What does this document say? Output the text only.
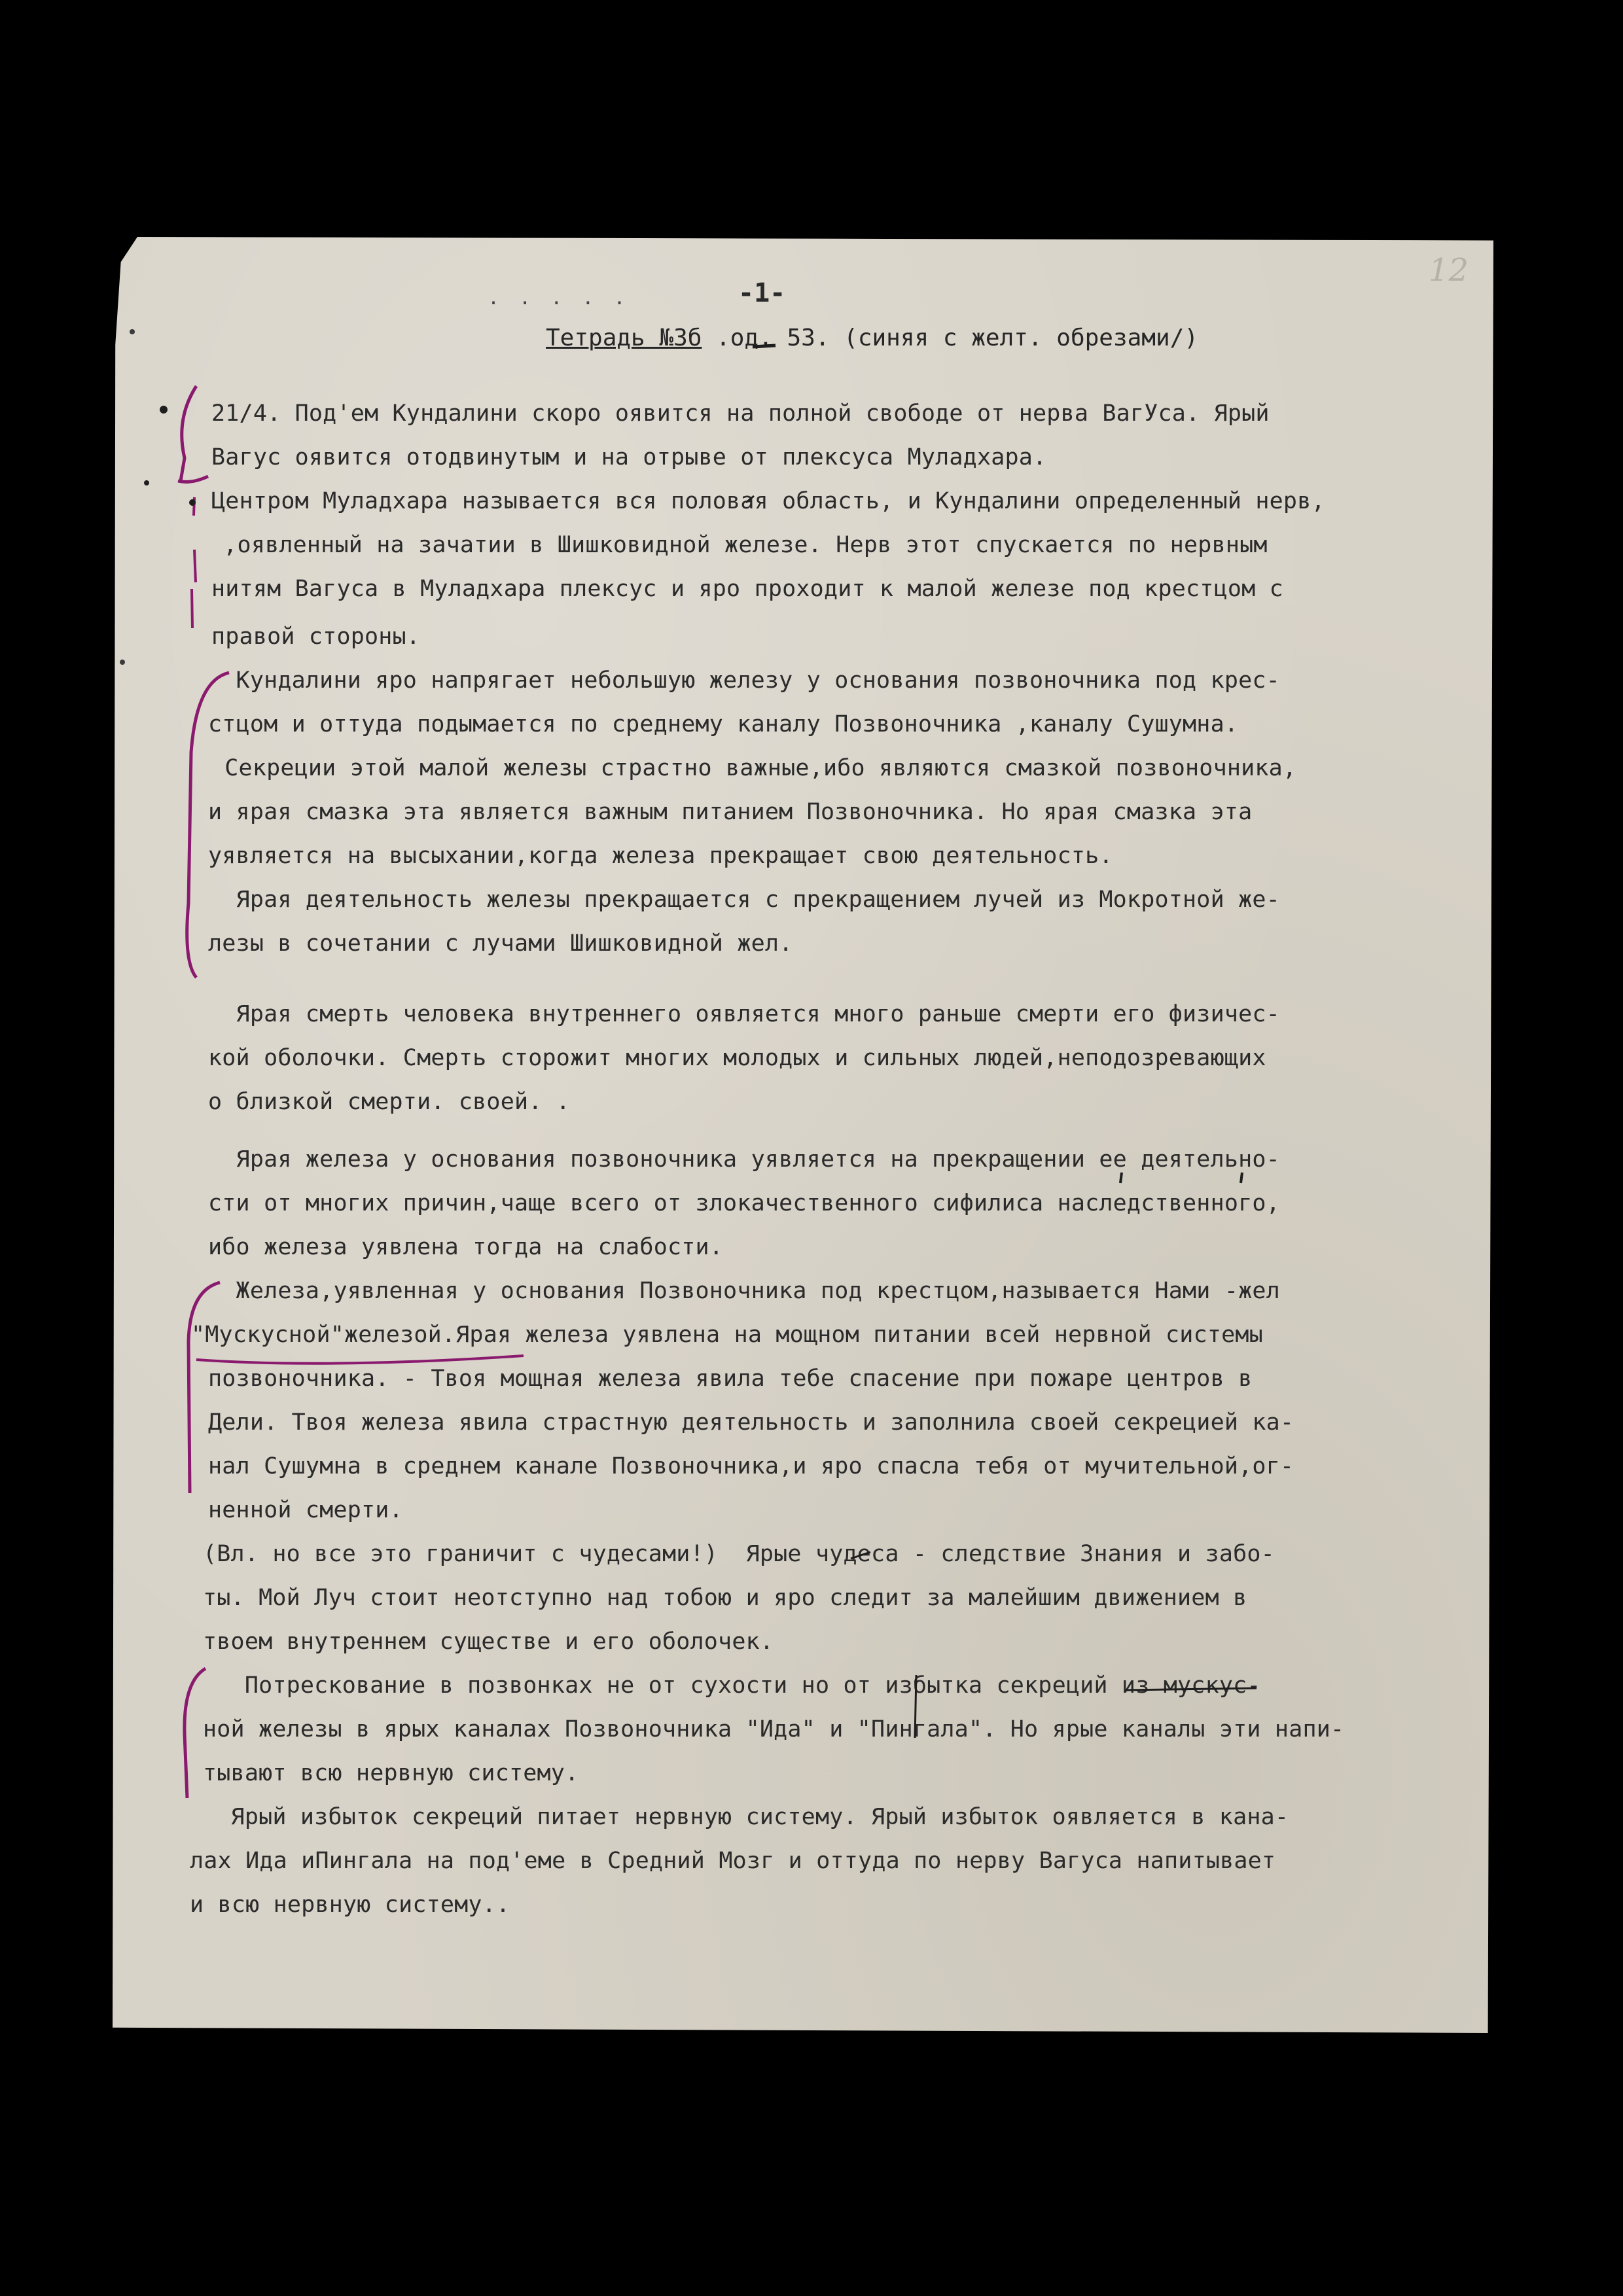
12
. . . . .	-1-
Тетрадь №3б .од. 53. (синяя с желт. обрезами/)
21/4. Под'ем Кундалини скоро оявится на полной свободе от нерва ВагУса. Ярый
Вагус оявится отодвинутым и на отрыве от плексуса Муладхара.
Центром Муладхара называется вся половая область, и Кундалини определенный нерв,
,оявленный на зачатии в Шишковидной железе. Нерв этот спускается по нервным
нитям Вагуса в Муладхара плексус и яро проходит к малой железе под крестцом с
правой стороны.
Кундалини яро напрягает небольшую железу у основания позвоночника под крес-
стцом и оттуда подымается по среднему каналу Позвоночника ,каналу Сушумна.
Секреции этой малой железы страстно важные,ибо являются смазкой позвоночника,
и ярая смазка эта является важным питанием Позвоночника. Но ярая смазка эта
уявляется на высыхании,когда железа прекращает свою деятельность.
Ярая деятельность железы прекращается с прекращением лучей из Мокротной же-
лезы в сочетании с лучами Шишковидной жел.
Ярая смерть человека внутреннего оявляется много раньше смерти его физичес-
кой оболочки. Смерть сторожит многих молодых и сильных людей,неподозревающих
о близкой смерти. своей. .
Ярая железа у основания позвоночника уявляется на прекращении ее деятельно-
сти от многих причин,чаще всего от злокачественного сифилиса наследственного,
ибо железа уявлена тогда на слабости.
Железа,уявленная у основания Позвоночника под крестцом,называется Нами -жел
"Мускусной"железой.Ярая железа уявлена на мощном питании всей нервной системы
позвоночника. - Твоя мощная железа явила тебе спасение при пожаре центров в
Дели. Твоя железа явила страстную деятельность и заполнила своей секрецией ка-
нал Сушумна в среднем канале Позвоночника,и яро спасла тебя от мучительной,ог-
ненной смерти.
(Вл. но все это граничит с чудесами!)  Ярые чудеса - следствие Знания и забо-
ты. Мой Луч стоит неотступно над тобою и яро следит за малейшим движением в
твоем внутреннем существе и его оболочек.
Потрескование в позвонках не от сухости но от избытка секреций из мускус-
ной железы в ярых каналах Позвоночника "Ида" и "Пингала". Но ярые каналы эти напи-
тывают всю нервную систему.
Ярый избыток секреций питает нервную систему. Ярый избыток оявляется в кана-
лах Ида иПингала на под'еме в Средний Мозг и оттуда по нерву Вагуса напитывает
и всю нервную систему..
